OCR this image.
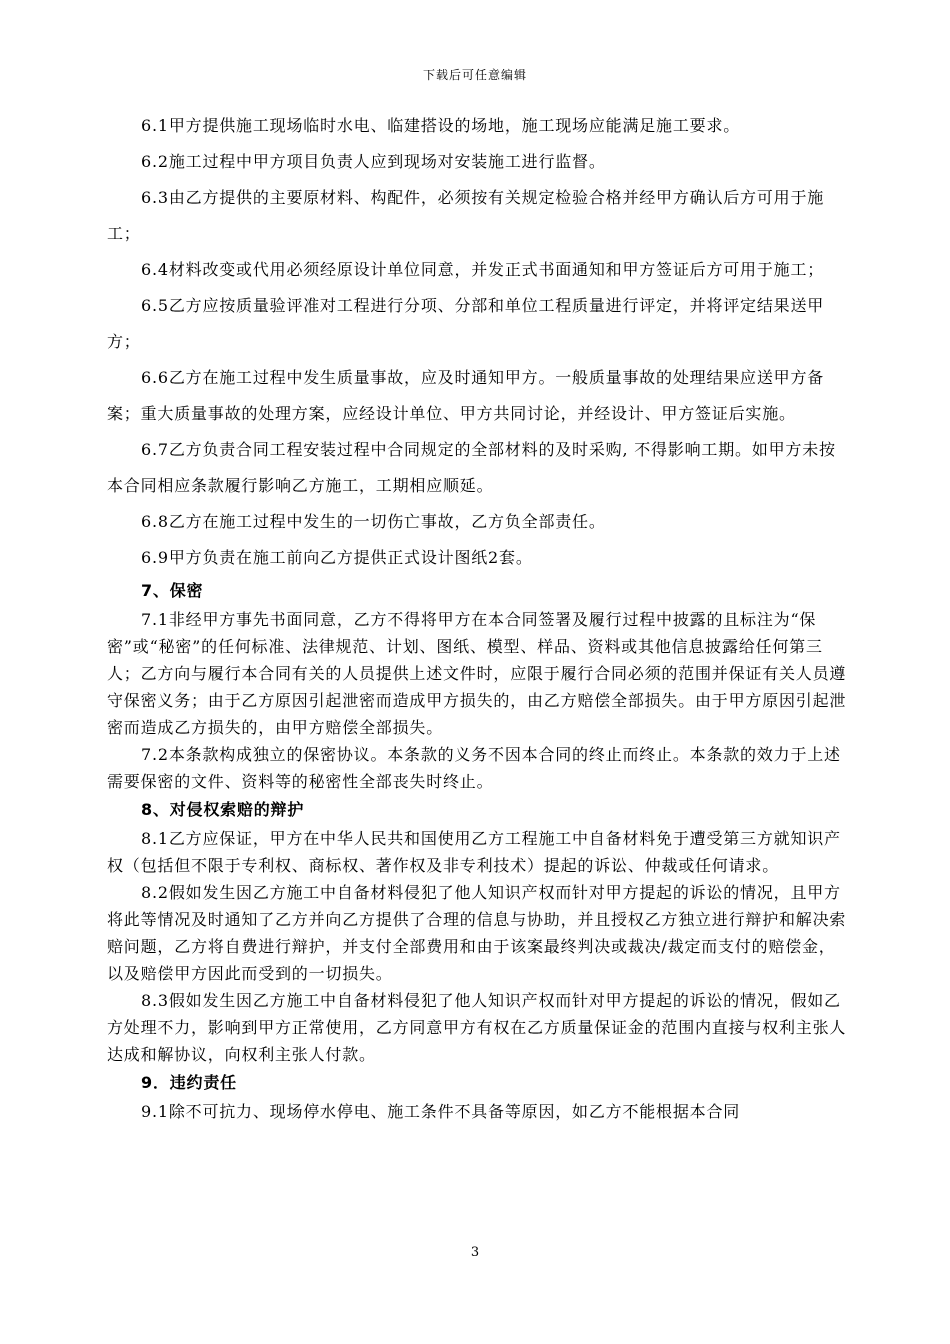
下载后可任意编辑

6.1甲方提供施工现场临时水电、临建搭设的场地，施工现场应能满足施工要求。

6.2施工过程中甲方项目负责人应到现场对安装施工进行监督。

6.3由乙方提供的主要原材料、构配件，必须按有关规定检验合格并经甲方确认后方可用于施工；

6.4材料改变或代用必须经原设计单位同意，并发正式书面通知和甲方签证后方可用于施工；

6.5乙方应按质量验评准对工程进行分项、分部和单位工程质量进行评定，并将评定结果送甲方；

6.6乙方在施工过程中发生质量事故，应及时通知甲方。一般质量事故的处理结果应送甲方备案；重大质量事故的处理方案，应经设计单位、甲方共同讨论，并经设计、甲方签证后实施。

6.7乙方负责合同工程安装过程中合同规定的全部材料的及时采购, 不得影响工期。如甲方未按本合同相应条款履行影响乙方施工，工期相应顺延。

6.8乙方在施工过程中发生的一切伤亡事故，乙方负全部责任。

6.9甲方负责在施工前向乙方提供正式设计图纸2套。

7、保密

7.1非经甲方事先书面同意，乙方不得将甲方在本合同签署及履行过程中披露的且标注为“保密”或“秘密”的任何标准、法律规范、计划、图纸、模型、样品、资料或其他信息披露给任何第三人；乙方向与履行本合同有关的人员提供上述文件时，应限于履行合同必须的范围并保证有关人员遵守保密义务；由于乙方原因引起泄密而造成甲方损失的，由乙方赔偿全部损失。由于甲方原因引起泄密而造成乙方损失的，由甲方赔偿全部损失。

7.2本条款构成独立的保密协议。本条款的义务不因本合同的终止而终止。本条款的效力于上述需要保密的文件、资料等的秘密性全部丧失时终止。

8、对侵权索赔的辩护

8.1乙方应保证，甲方在中华人民共和国使用乙方工程施工中自备材料免于遭受第三方就知识产权（包括但不限于专利权、商标权、著作权及非专利技术）提起的诉讼、仲裁或任何请求。

8.2假如发生因乙方施工中自备材料侵犯了他人知识产权而针对甲方提起的诉讼的情况，且甲方将此等情况及时通知了乙方并向乙方提供了合理的信息与协助，并且授权乙方独立进行辩护和解决索赔问题，乙方将自费进行辩护，并支付全部费用和由于该案最终判决或裁决/裁定而支付的赔偿金，以及赔偿甲方因此而受到的一切损失。

8.3假如发生因乙方施工中自备材料侵犯了他人知识产权而针对甲方提起的诉讼的情况，假如乙方处理不力，影响到甲方正常使用，乙方同意甲方有权在乙方质量保证金的范围内直接与权利主张人达成和解协议，向权利主张人付款。

9．违约责任

9.1除不可抗力、现场停水停电、施工条件不具备等原因，如乙方不能根据本合同

3
